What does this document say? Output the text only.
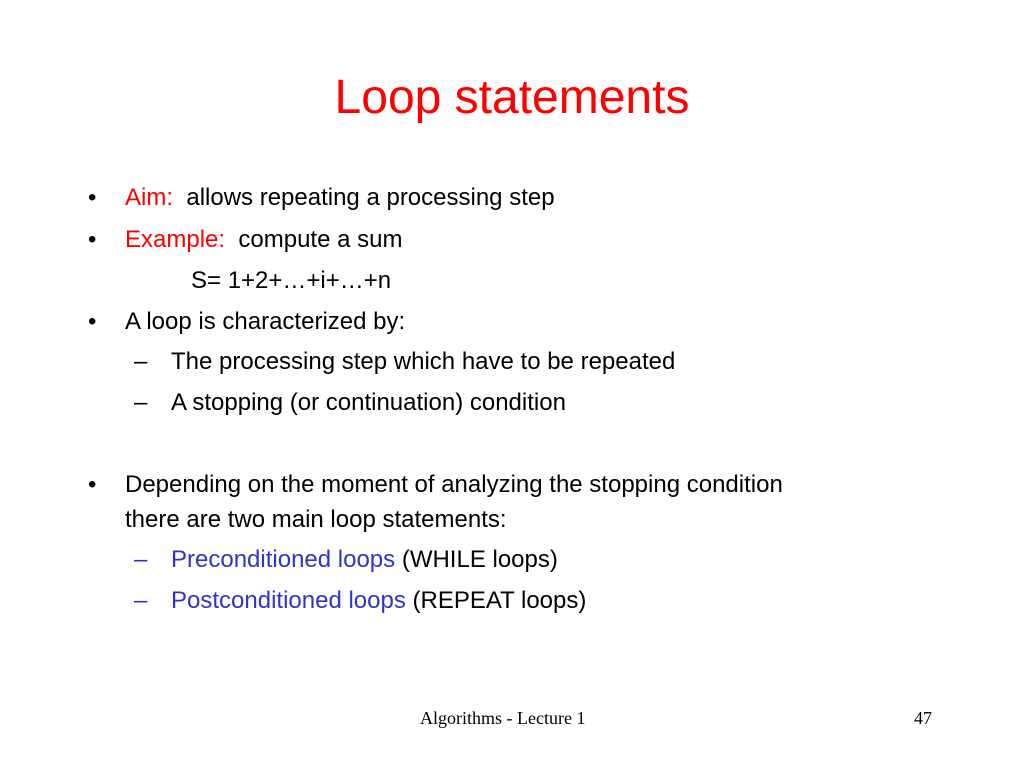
Loop statements
• Aim: allows repeating a processing step
• Example: compute a sum
S= 1+2+…+i+…+n
• A loop is characterized by:
– The processing step which have to be repeated
– A stopping (or continuation) condition
• Depending on the moment of analyzing the stopping condition
there are two main loop statements:
– Preconditioned loops (WHILE loops)
– Postconditioned loops (REPEAT loops)
Algorithms - Lecture 1	47
